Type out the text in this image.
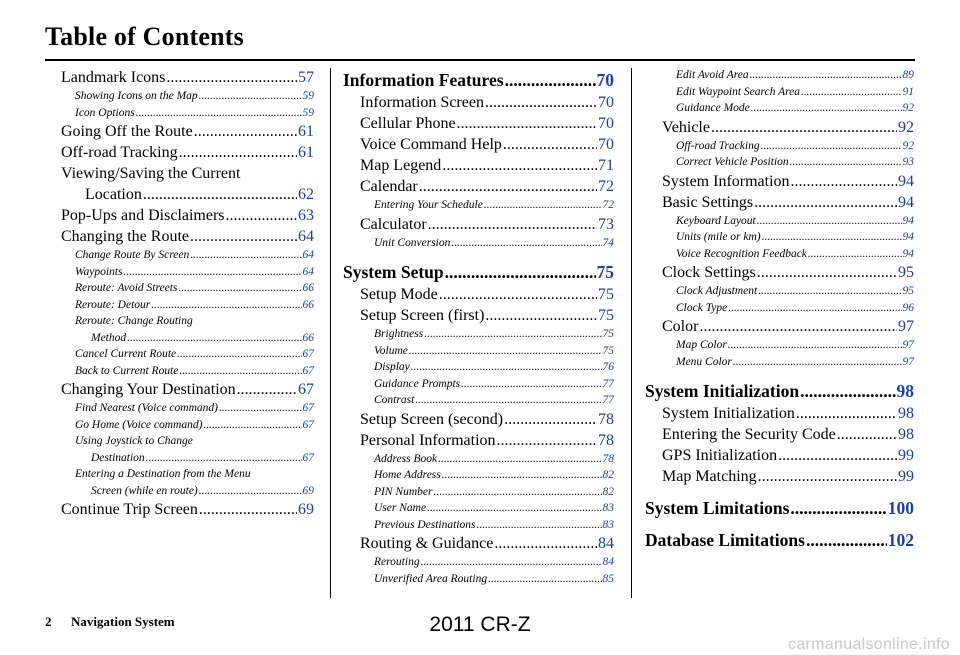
Table of Contents
Landmark Icons .....	57
Showing Icons on the Map .....	59
Icon Options .....	59
Going Off the Route .....	61
Off-road Tracking .....	61
Viewing/Saving the Current
Location .....	62
Pop-Ups and Disclaimers .....	63
Changing the Route .....	64
Change Route By Screen .....	64
Waypoints .....	64
Reroute: Avoid Streets .....	66
Reroute: Detour .....	66
Reroute: Change Routing
Method .....	66
Cancel Current Route .....	67
Back to Current Route .....	67
Changing Your Destination .....	67
Find Nearest (Voice command) .....	67
Go Home (Voice command) .....	67
Using Joystick to Change
Destination .....	67
Entering a Destination from the Menu
Screen (while en route) .....	69
Continue Trip Screen .....	69
Information Features .....	70
Information Screen .....	70
Cellular Phone .....	70
Voice Command Help .....	70
Map Legend .....	71
Calendar .....	72
Entering Your Schedule .....	72
Calculator .....	73
Unit Conversion .....	74
System Setup .....	75
Setup Mode .....	75
Setup Screen (first) .....	75
Brightness .....	75
Volume .....	75
Display .....	76
Guidance Prompts .....	77
Contrast .....	77
Setup Screen (second) .....	78
Personal Information .....	78
Address Book .....	78
Home Address .....	82
PIN Number .....	82
User Name .....	83
Previous Destinations .....	83
Routing & Guidance .....	84
Rerouting .....	84
Unverified Area Routing .....	85
Edit Avoid Area .....	89
Edit Waypoint Search Area .....	91
Guidance Mode .....	92
Vehicle .....	92
Off-road Tracking .....	92
Correct Vehicle Position .....	93
System Information .....	94
Basic Settings .....	94
Keyboard Layout .....	94
Units (mile or km) .....	94
Voice Recognition Feedback .....	94
Clock Settings .....	95
Clock Adjustment .....	95
Clock Type .....	96
Color .....	97
Map Color .....	97
Menu Color .....	97
System Initialization .....	98
System Initialization .....	98
Entering the Security Code .....	98
GPS Initialization .....	99
Map Matching .....	99
System Limitations .....	100
Database Limitations .....	102
2 Navigation System	2011 CR-Z
carmanualsonline.info
